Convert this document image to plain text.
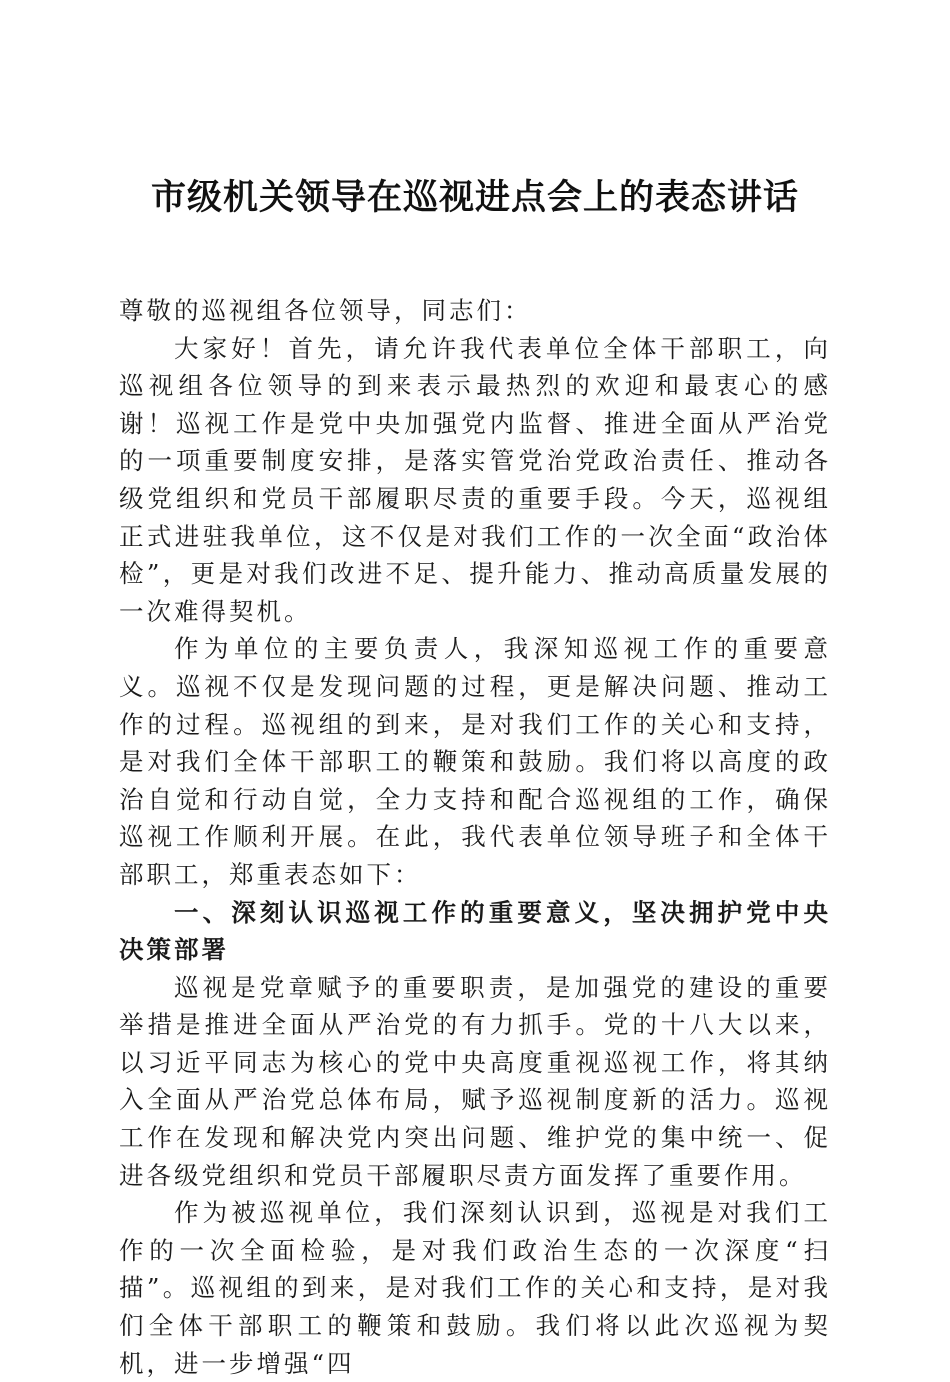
市级机关领导在巡视进点会上的表态讲话

尊敬的巡视组各位领导，同志们：

大家好！首先，请允许我代表单位全体干部职工，向巡视组各位领导的到来表示最热烈的欢迎和最衷心的感谢！巡视工作是党中央加强党内监督、推进全面从严治党的一项重要制度安排，是落实管党治党政治责任、推动各级党组织和党员干部履职尽责的重要手段。今天，巡视组正式进驻我单位，这不仅是对我们工作的一次全面“政治体检”，更是对我们改进不足、提升能力、推动高质量发展的一次难得契机。

作为单位的主要负责人，我深知巡视工作的重要意义。巡视不仅是发现问题的过程，更是解决问题、推动工作的过程。巡视组的到来，是对我们工作的关心和支持，是对我们全体干部职工的鞭策和鼓励。我们将以高度的政治自觉和行动自觉，全力支持和配合巡视组的工作，确保巡视工作顺利开展。在此，我代表单位领导班子和全体干部职工，郑重表态如下：

一、深刻认识巡视工作的重要意义，坚决拥护党中央决策部署

巡视是党章赋予的重要职责，是加强党的建设的重要举措是推进全面从严治党的有力抓手。党的十八大以来，以习近平同志为核心的党中央高度重视巡视工作，将其纳入全面从严治党总体布局，赋予巡视制度新的活力。巡视工作在发现和解决党内突出问题、维护党的集中统一、促进各级党组织和党员干部履职尽责方面发挥了重要作用。

作为被巡视单位，我们深刻认识到，巡视是对我们工作的一次全面检验，是对我们政治生态的一次深度“扫描”。巡视组的到来，是对我们工作的关心和支持，是对我们全体干部职工的鞭策和鼓励。我们将以此次巡视为契机，进一步增强“四
